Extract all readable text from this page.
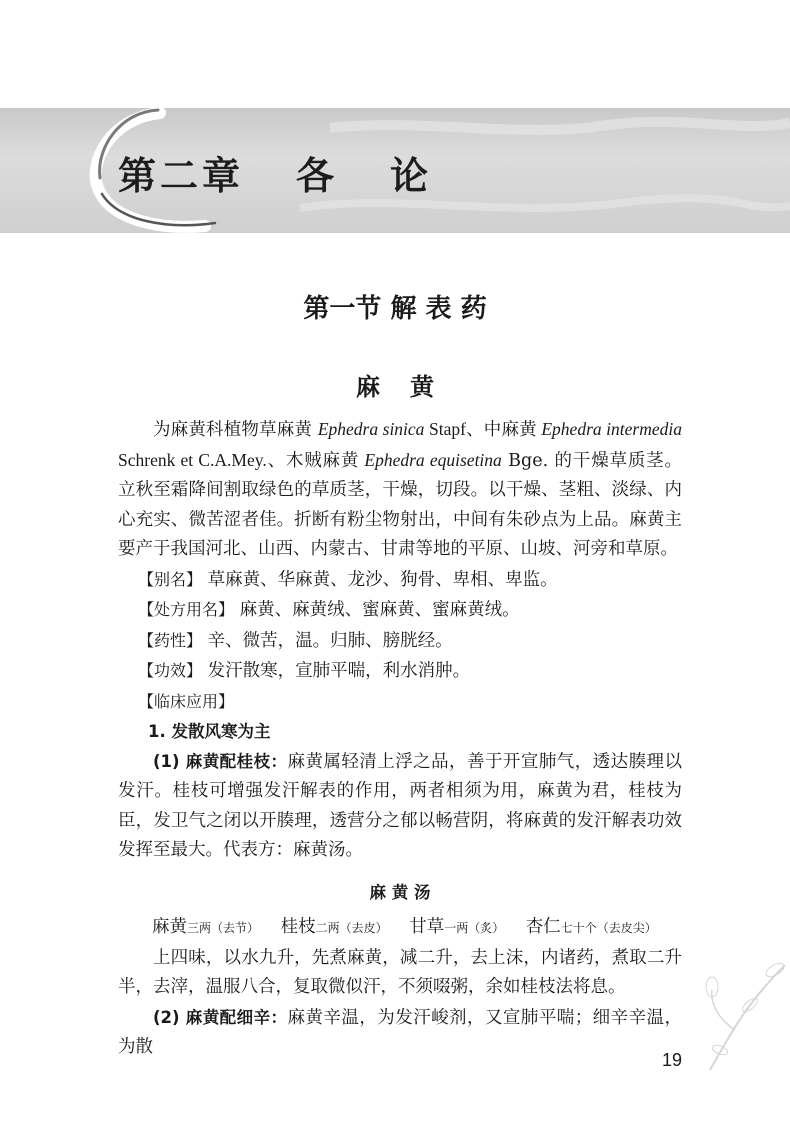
第二章 各 论
第一节 解 表 药
麻黄

为麻黄科植物草麻黄 Ephedra sinica Stapf、中麻黄 Ephedra intermedia Schrenk et C.A.Mey.、木贼麻黄 Ephedra equisetina Bge. 的干燥草质茎。立秋至霜降间割取绿色的草质茎，干燥，切段。以干燥、茎粗、淡绿、内心充实、微苦涩者佳。折断有粉尘物射出，中间有朱砂点为上品。麻黄主要产于我国河北、山西、内蒙古、甘肃等地的平原、山坡、河旁和草原。

【别名】 草麻黄、华麻黄、龙沙、狗骨、卑相、卑监。
【处方用名】 麻黄、麻黄绒、蜜麻黄、蜜麻黄绒。
【药性】 辛、微苦，温。归肺、膀胱经。
【功效】 发汗散寒，宣肺平喘，利水消肿。
【临床应用】
1. 发散风寒为主

(1) 麻黄配桂枝：麻黄属轻清上浮之品，善于开宣肺气，透达腠理以发汗。桂枝可增强发汗解表的作用，两者相须为用，麻黄为君，桂枝为臣，发卫气之闭以开腠理，透营分之郁以畅营阴，将麻黄的发汗解表功效发挥至最大。代表方：麻黄汤。

麻 黄 汤
麻黄三两（去节） 桂枝二两（去皮） 甘草一两（炙） 杏仁七十个（去皮尖）

上四味，以水九升，先煮麻黄，减二升，去上沫，内诸药，煮取二升半，去滓，温服八合，复取微似汗，不须啜粥，余如桂枝法将息。

(2) 麻黄配细辛：麻黄辛温，为发汗峻剂，又宣肺平喘；细辛辛温，为散

19
